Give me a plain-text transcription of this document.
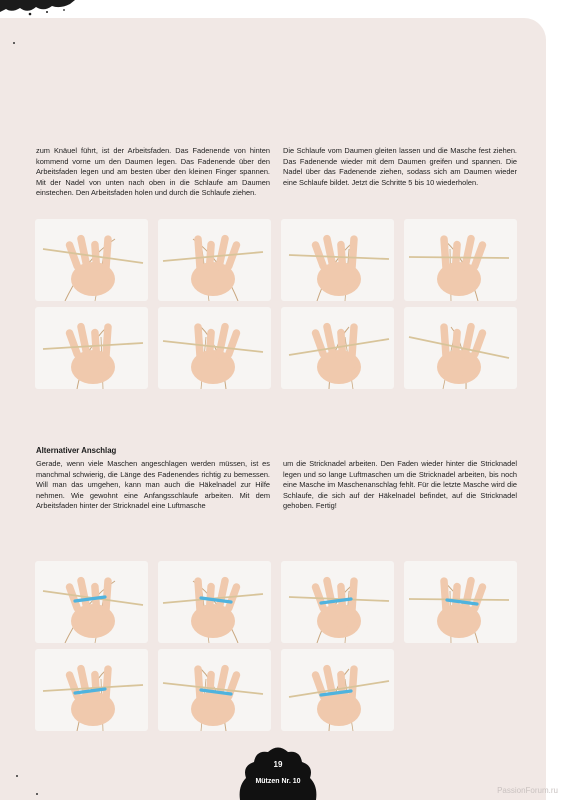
zum Knäuel führt, ist der Arbeitsfaden. Das Fadenende von hinten kommend vorne um den Daumen legen. Das Fadenende über den Arbeitsfaden legen und am besten über den kleinen Finger spannen. Mit der Nadel von unten nach oben in die Schlaufe am Daumen einstechen. Den Arbeitsfaden holen und durch die Schlaufe ziehen.

Die Schlaufe vom Daumen gleiten lassen und die Masche fest ziehen. Das Fadenende wieder mit dem Daumen greifen und spannen. Die Nadel über das Fadenende ziehen, sodass sich am Daumen wieder eine Schlaufe bildet. Jetzt die Schritte 5 bis 10 wiederholen.

Alternativer Anschlag

Gerade, wenn viele Maschen angeschlagen werden müssen, ist es manchmal schwierig, die Länge des Fadenendes richtig zu bemessen. Will man das umgehen, kann man auch die Häkelnadel zur Hilfe nehmen. Wie gewohnt eine Anfangsschlaufe arbeiten. Mit dem Arbeitsfaden hinter der Stricknadel eine Luftmasche

um die Stricknadel arbeiten. Den Faden wieder hinter die Stricknadel legen und so lange Luftmaschen um die Stricknadel arbeiten, bis noch eine Masche im Maschenanschlag fehlt. Für die letzte Masche wird die Schlaufe, die sich auf der Häkelnadel befindet, auf die Stricknadel gehoben. Fertig!

19
Mützen Nr. 10
PassionForum.ru
